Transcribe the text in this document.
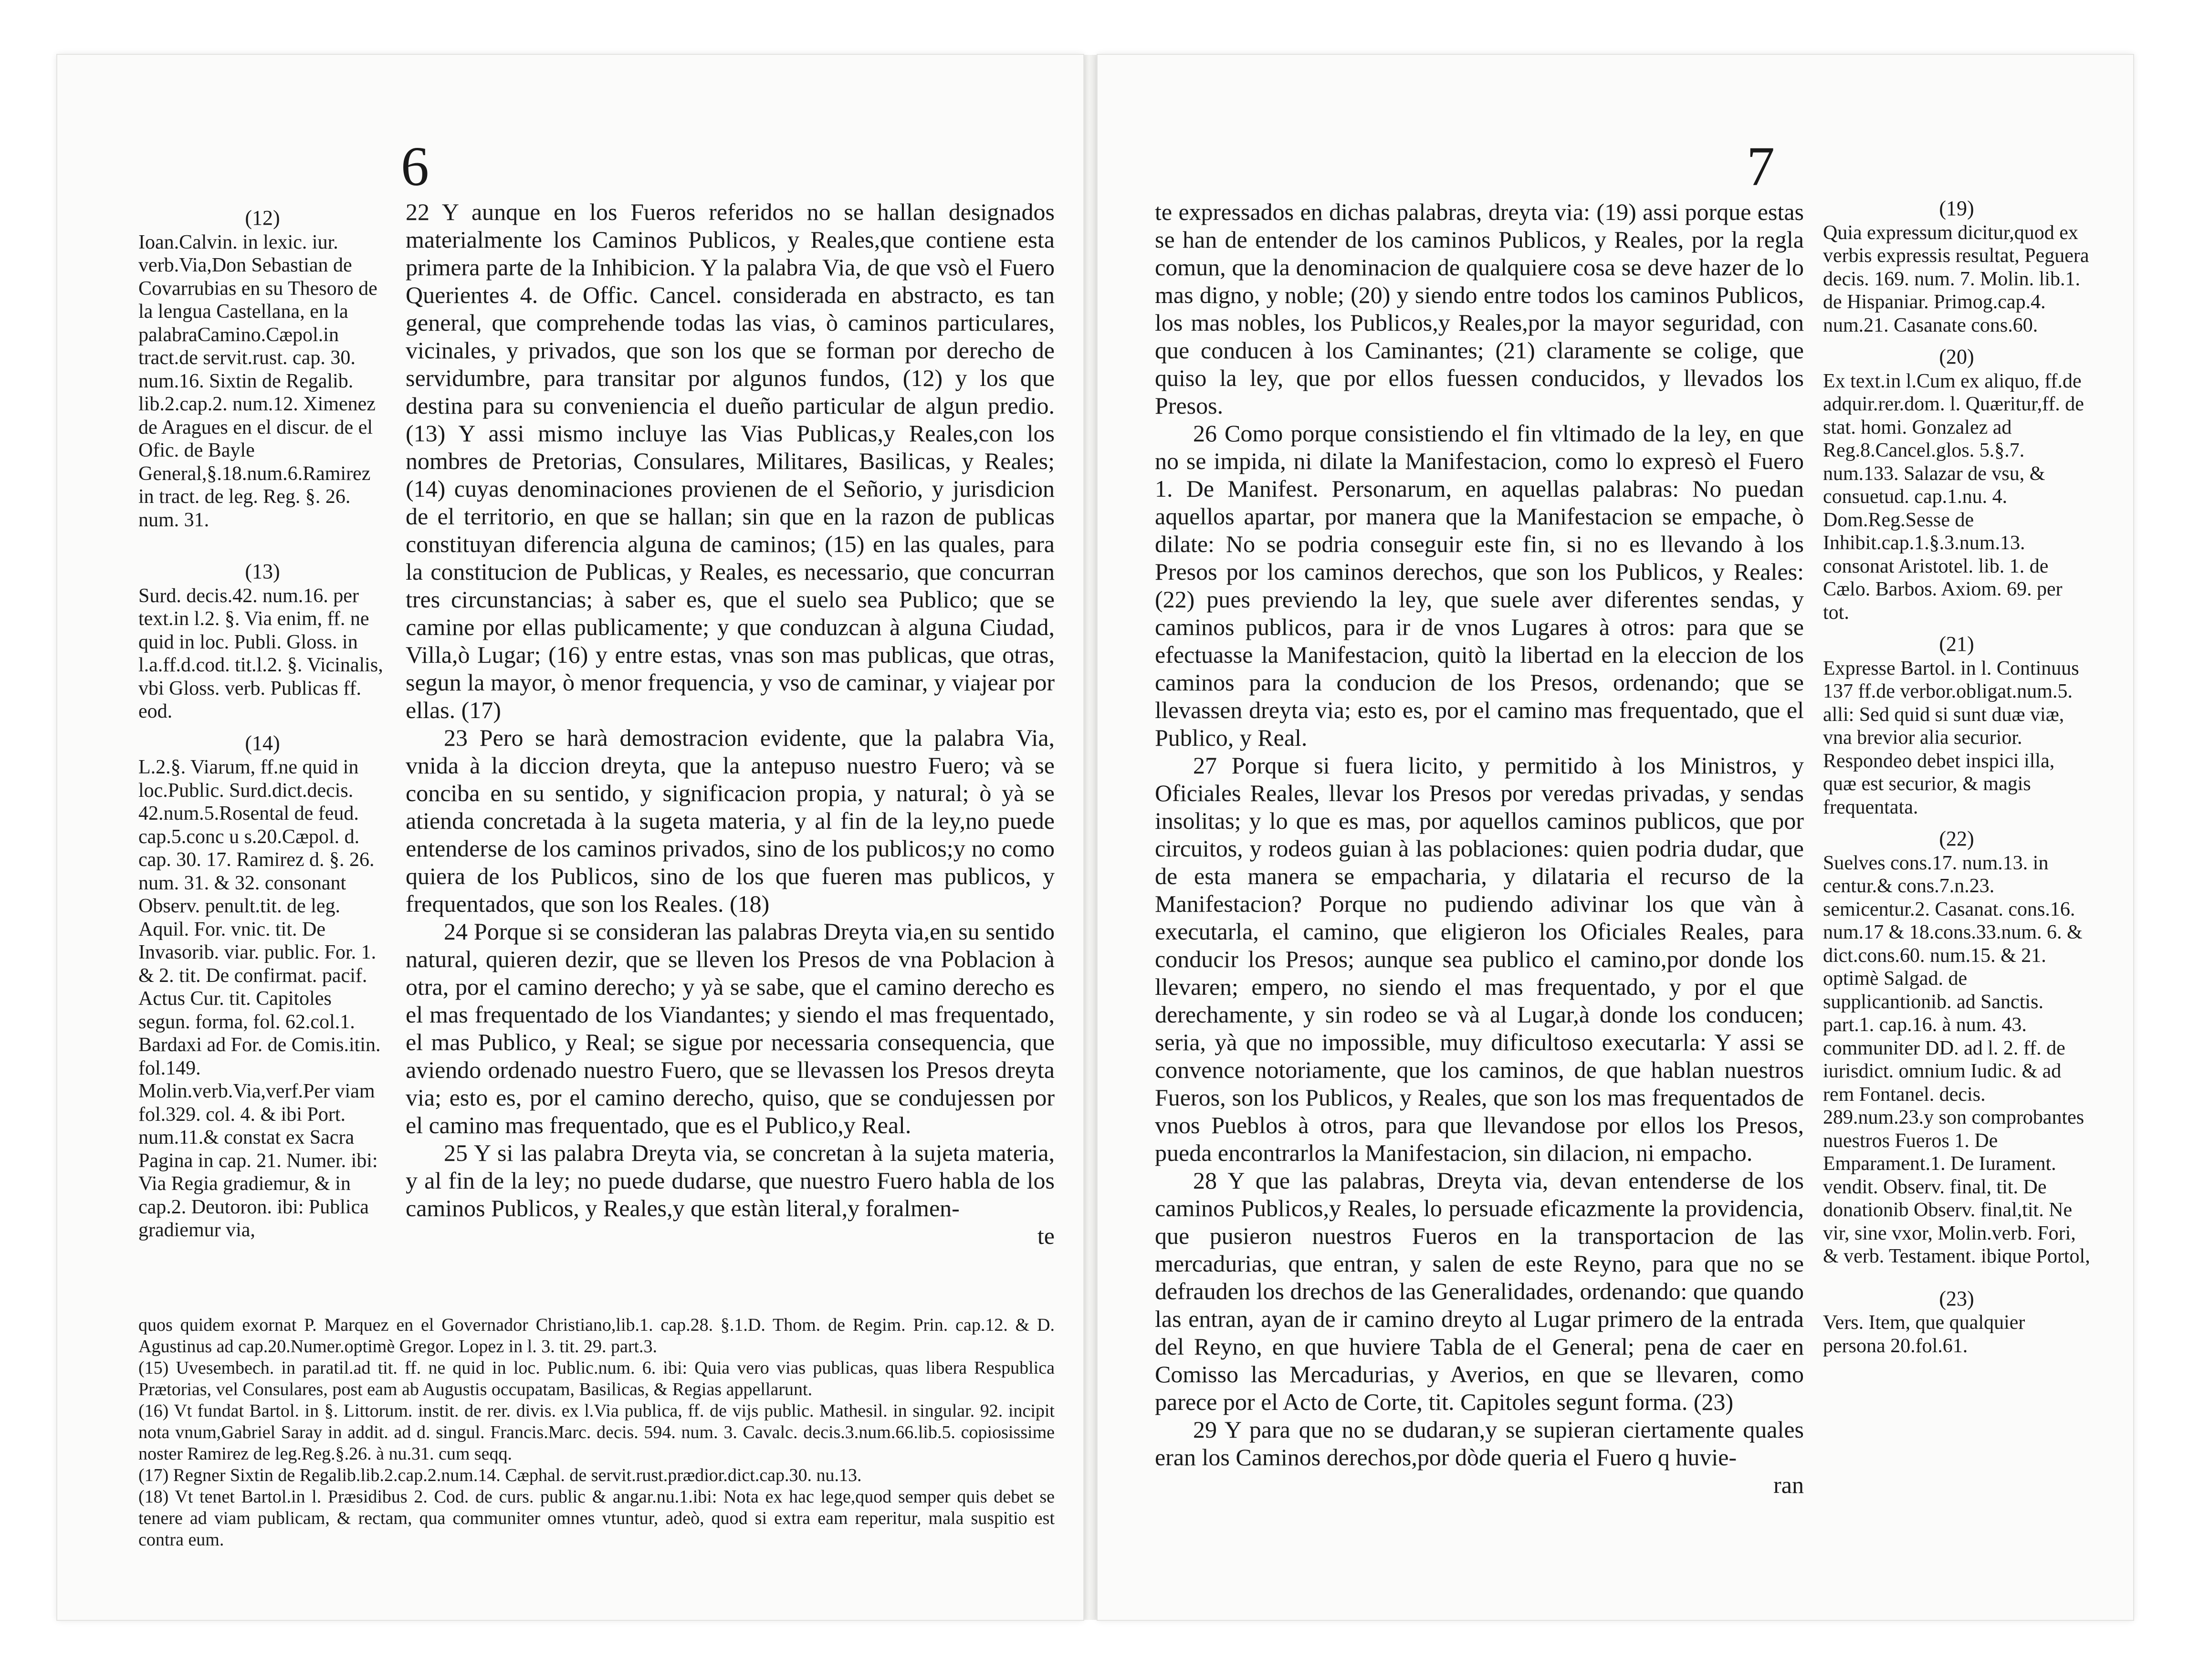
6
(12)

Ioan.Calvin. in lexic. iur. verb.Via,Don Sebastian de Covarrubias en su Thesoro de la lengua Castellana, en la palabraCamino.Cæpol.in tract.de servit.rust. cap. 30. num.16. Sixtin de Regalib. lib.2.cap.2. num.12. Ximenez de Aragues en el discur. de el Ofic. de Bayle General,§.18.num.6.Ramirez in tract. de leg. Reg. §. 26. num. 31.

(13)

Surd. decis.42. num.16. per text.in l.2. §. Via enim, ff. ne quid in loc. Publi. Gloss. in l.a.ff.d.cod. tit.l.2. §. Vicinalis, vbi Gloss. verb. Publicas ff. eod.

(14)

L.2.§. Viarum, ff.ne quid in loc.Public. Surd.dict.decis. 42.num.5.Rosental de feud. cap.5.conc u s.20.Cæpol. d. cap. 30. 17. Ramirez d. §. 26. num. 31. & 32. consonant Observ. penult.tit. de leg. Aquil. For. vnic. tit. De Invasorib. viar. public. For. 1. & 2. tit. De confirmat. pacif. Actus Cur. tit. Capitoles segun. forma, fol. 62.col.1. Bardaxi ad For. de Comis.itin. fol.149. Molin.verb.Via,verf.Per viam fol.329. col. 4. & ibi Port. num.11.& constat ex Sacra Pagina in cap. 21. Numer. ibi: Via Regia gradiemur, & in cap.2. Deutoron. ibi: Publica gradiemur via,

22 Y aunque en los Fueros referidos no se hallan designados materialmente los Caminos Publicos, y Reales,que contiene esta primera parte de la Inhibicion. Y la palabra Via, de que vsò el Fuero Querientes 4. de Offic. Cancel. considerada en abstracto, es tan general, que comprehende todas las vias, ò caminos particulares, vicinales, y privados, que son los que se forman por derecho de servidumbre, para transitar por algunos fundos, (12) y los que destina para su conveniencia el dueño particular de algun predio. (13) Y assi mismo incluye las Vias Publicas,y Reales,con los nombres de Pretorias, Consulares, Militares, Basilicas, y Reales; (14) cuyas denominaciones provienen de el Señorio, y jurisdicion de el territorio, en que se hallan; sin que en la razon de publicas constituyan diferencia alguna de caminos; (15) en las quales, para la constitucion de Publicas, y Reales, es necessario, que concurran tres circunstancias; à saber es, que el suelo sea Publico; que se camine por ellas publicamente; y que conduzcan à alguna Ciudad, Villa,ò Lugar; (16) y entre estas, vnas son mas publicas, que otras, segun la mayor, ò menor frequencia, y vso de caminar, y viajear por ellas. (17)

23 Pero se harà demostracion evidente, que la palabra Via, vnida à la diccion dreyta, que la antepuso nuestro Fuero; và se conciba en su sentido, y significacion propia, y natural; ò yà se atienda concretada à la sugeta materia, y al fin de la ley,no puede entenderse de los caminos privados, sino de los publicos;y no como quiera de los Publicos, sino de los que fueren mas publicos, y frequentados, que son los Reales. (18)

24 Porque si se consideran las palabras Dreyta via,en su sentido natural, quieren dezir, que se lleven los Presos de vna Poblacion à otra, por el camino derecho; y yà se sabe, que el camino derecho es el mas frequentado de los Viandantes; y siendo el mas frequentado, el mas Publico, y Real; se sigue por necessaria consequencia, que aviendo ordenado nuestro Fuero, que se llevassen los Presos dreyta via; esto es, por el camino derecho, quiso, que se condujessen por el camino mas frequentado, que es el Publico,y Real.

25 Y si las palabra Dreyta via, se concretan à la sujeta materia, y al fin de la ley; no puede dudarse, que nuestro Fuero habla de los caminos Publicos, y Reales,y que estàn literal,y foralmen-

te

quos quidem exornat P. Marquez en el Governador Christiano,lib.1. cap.28. §.1.D. Thom. de Regim. Prin. cap.12. & D. Agustinus ad cap.20.Numer.optimè Gregor. Lopez in l. 3. tit. 29. part.3.

(15) Uvesembech. in paratil.ad tit. ff. ne quid in loc. Public.num. 6. ibi: Quia vero vias publicas, quas libera Respublica Prætorias, vel Consulares, post eam ab Augustis occupatam, Basilicas, & Regias appellarunt.

(16) Vt fundat Bartol. in §. Littorum. instit. de rer. divis. ex l.Via publica, ff. de vijs public. Mathesil. in singular. 92. incipit nota vnum,Gabriel Saray in addit. ad d. singul. Francis.Marc. decis. 594. num. 3. Cavalc. decis.3.num.66.lib.5. copiosissime noster Ramirez de leg.Reg.§.26. à nu.31. cum seqq.

(17) Regner Sixtin de Regalib.lib.2.cap.2.num.14. Cæphal. de servit.rust.prædior.dict.cap.30. nu.13.

(18) Vt tenet Bartol.in l. Præsidibus 2. Cod. de curs. public & angar.nu.1.ibi: Nota ex hac lege,quod semper quis debet se tenere ad viam publicam, & rectam, qua communiter omnes vtuntur, adeò, quod si extra eam reperitur, mala suspitio est contra eum.

7

te expressados en dichas palabras, dreyta via: (19) assi porque estas se han de entender de los caminos Publicos, y Reales, por la regla comun, que la denominacion de qualquiere cosa se deve hazer de lo mas digno, y noble; (20) y siendo entre todos los caminos Publicos, los mas nobles, los Publicos,y Reales,por la mayor seguridad, con que conducen à los Caminantes; (21) claramente se colige, que quiso la ley, que por ellos fuessen conducidos, y llevados los Presos.

26 Como porque consistiendo el fin vltimado de la ley, en que no se impida, ni dilate la Manifestacion, como lo expresò el Fuero 1. De Manifest. Personarum, en aquellas palabras: No puedan aquellos apartar, por manera que la Manifestacion se empache, ò dilate: No se podria conseguir este fin, si no es llevando à los Presos por los caminos derechos, que son los Publicos, y Reales: (22) pues previendo la ley, que suele aver diferentes sendas, y caminos publicos, para ir de vnos Lugares à otros: para que se efectuasse la Manifestacion, quitò la libertad en la eleccion de los caminos para la conducion de los Presos, ordenando; que se llevassen dreyta via; esto es, por el camino mas frequentado, que el Publico, y Real.

27 Porque si fuera licito, y permitido à los Ministros, y Oficiales Reales, llevar los Presos por veredas privadas, y sendas insolitas; y lo que es mas, por aquellos caminos publicos, que por circuitos, y rodeos guian à las poblaciones: quien podria dudar, que de esta manera se empacharia, y dilataria el recurso de la Manifestacion? Porque no pudiendo adivinar los que vàn à executarla, el camino, que eligieron los Oficiales Reales, para conducir los Presos; aunque sea publico el camino,por donde los llevaren; empero, no siendo el mas frequentado, y por el que derechamente, y sin rodeo se và al Lugar,à donde los conducen; seria, yà que no impossible, muy dificultoso executarla: Y assi se convence notoriamente, que los caminos, de que hablan nuestros Fueros, son los Publicos, y Reales, que son los mas frequentados de vnos Pueblos à otros, para que llevandose por ellos los Presos, pueda encontrarlos la Manifestacion, sin dilacion, ni empacho.

28 Y que las palabras, Dreyta via, devan entenderse de los caminos Publicos,y Reales, lo persuade eficazmente la providencia, que pusieron nuestros Fueros en la transportacion de las mercadurias, que entran, y salen de este Reyno, para que no se defrauden los drechos de las Generalidades, ordenando: que quando las entran, ayan de ir camino dreyto al Lugar primero de la entrada del Reyno, en que huviere Tabla de el General; pena de caer en Comisso las Mercadurias, y Averios, en que se llevaren, como parece por el Acto de Corte, tit. Capitoles segunt forma. (23)

29 Y para que no se dudaran,y se supieran ciertamente quales eran los Caminos derechos,por dòde queria el Fuero q huvie-

ran
(19)

Quia expressum dicitur,quod ex verbis expressis resultat, Peguera decis. 169. num. 7. Molin. lib.1. de Hispaniar. Primog.cap.4. num.21. Casanate cons.60.

(20)

Ex text.in l.Cum ex aliquo, ff.de adquir.rer.dom. l. Quæritur,ff. de stat. homi. Gonzalez ad Reg.8.Cancel.glos. 5.§.7. num.133. Salazar de vsu, & consuetud. cap.1.nu. 4. Dom.Reg.Sesse de Inhibit.cap.1.§.3.num.13. consonat Aristotel. lib. 1. de Cælo. Barbos. Axiom. 69. per tot.

(21)

Expresse Bartol. in l. Continuus 137 ff.de verbor.obligat.num.5. alli: Sed quid si sunt duæ viæ, vna brevior alia securior. Respondeo debet inspici illa, quæ est securior, & magis frequentata.

(22)

Suelves cons.17. num.13. in centur.& cons.7.n.23. semicentur.2. Casanat. cons.16. num.17 & 18.cons.33.num. 6. & dict.cons.60. num.15. & 21. optimè Salgad. de supplicantionib. ad Sanctis. part.1. cap.16. à num. 43. communiter DD. ad l. 2. ff. de iurisdict. omnium Iudic. & ad rem Fontanel. decis. 289.num.23.y son comprobantes nuestros Fueros 1. De Emparament.1. De Iurament. vendit. Observ. final, tit. De donationib Observ. final,tit. Ne vir, sine vxor, Molin.verb. Fori, & verb. Testament. ibique Portol,

(23)

Vers. Item, que qualquier persona 20.fol.61.
